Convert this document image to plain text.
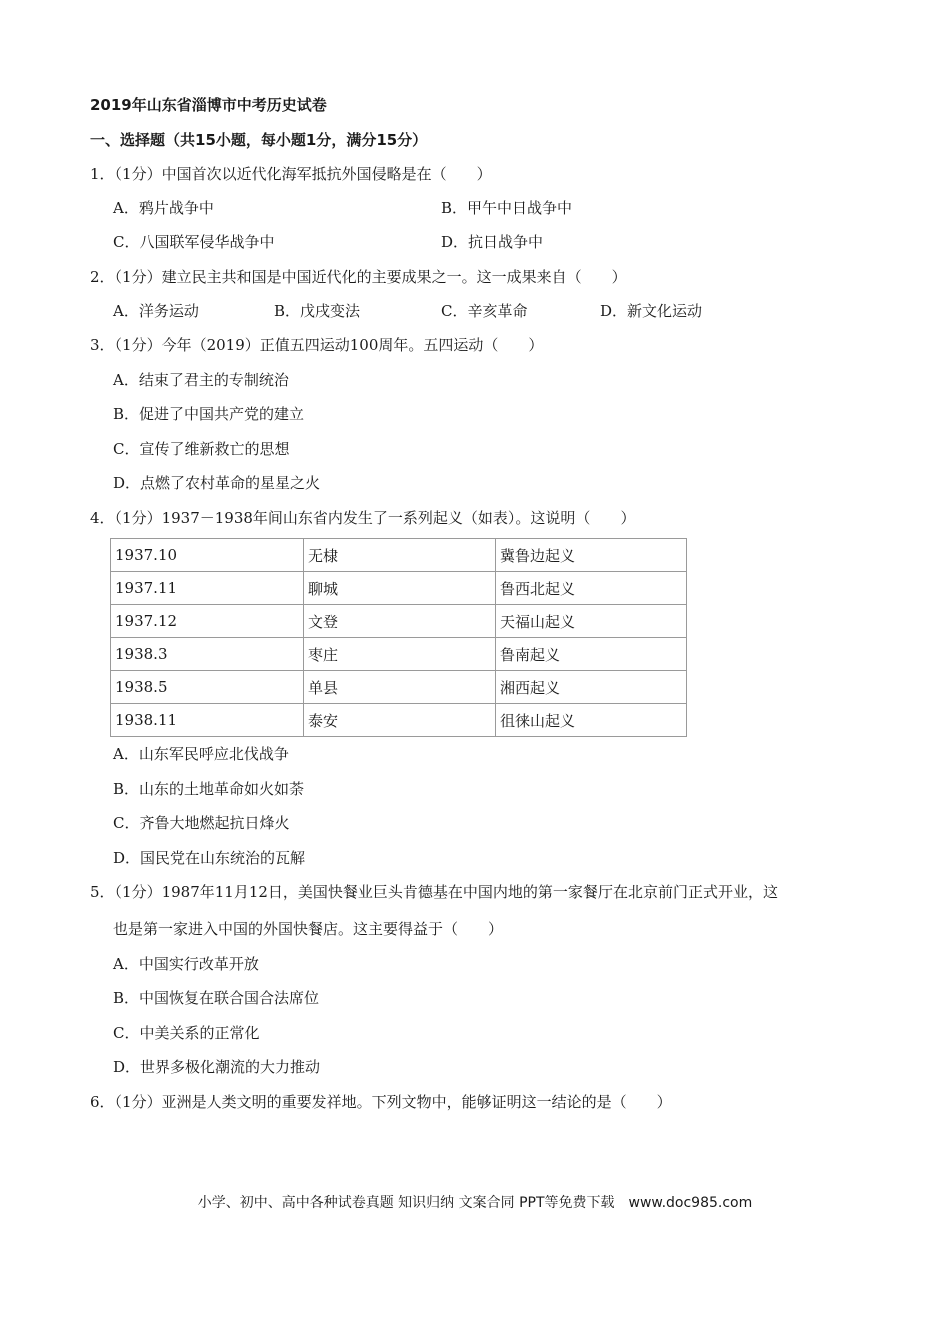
2019年山东省淄博市中考历史试卷
一、选择题（共15小题，每小题1分，满分15分）
1．（1分）中国首次以近代化海军抵抗外国侵略是在（　　）
A．鸦片战争中	B．甲午中日战争中
C．八国联军侵华战争中	D．抗日战争中
2．（1分）建立民主共和国是中国近代化的主要成果之一。这一成果来自（　　）
A．洋务运动	B．戊戌变法	C．辛亥革命	D．新文化运动
3．（1分）今年（2019）正值五四运动100周年。五四运动（　　）
A．结束了君主的专制统治
B．促进了中国共产党的建立
C．宣传了维新救亡的思想
D．点燃了农村革命的星星之火
4．（1分）1937－1938年间山东省内发生了一系列起义（如表）。这说明（　　）
1937.10	无棣	冀鲁边起义
1937.11	聊城	鲁西北起义
1937.12	文登	天福山起义
1938.3	枣庄	鲁南起义
1938.5	单县	湘西起义
1938.11	泰安	徂徕山起义
A．山东军民呼应北伐战争
B．山东的土地革命如火如荼
C．齐鲁大地燃起抗日烽火
D．国民党在山东统治的瓦解
5．（1分）1987年11月12日，美国快餐业巨头肯德基在中国内地的第一家餐厅在北京前门正式开业，这
也是第一家进入中国的外国快餐店。这主要得益于（　　）
A．中国实行改革开放
B．中国恢复在联合国合法席位
C．中美关系的正常化
D．世界多极化潮流的大力推动
6．（1分）亚洲是人类文明的重要发祥地。下列文物中，能够证明这一结论的是（　　）
小学、初中、高中各种试卷真题 知识归纳 文案合同 PPT等免费下载　www.doc985.com
